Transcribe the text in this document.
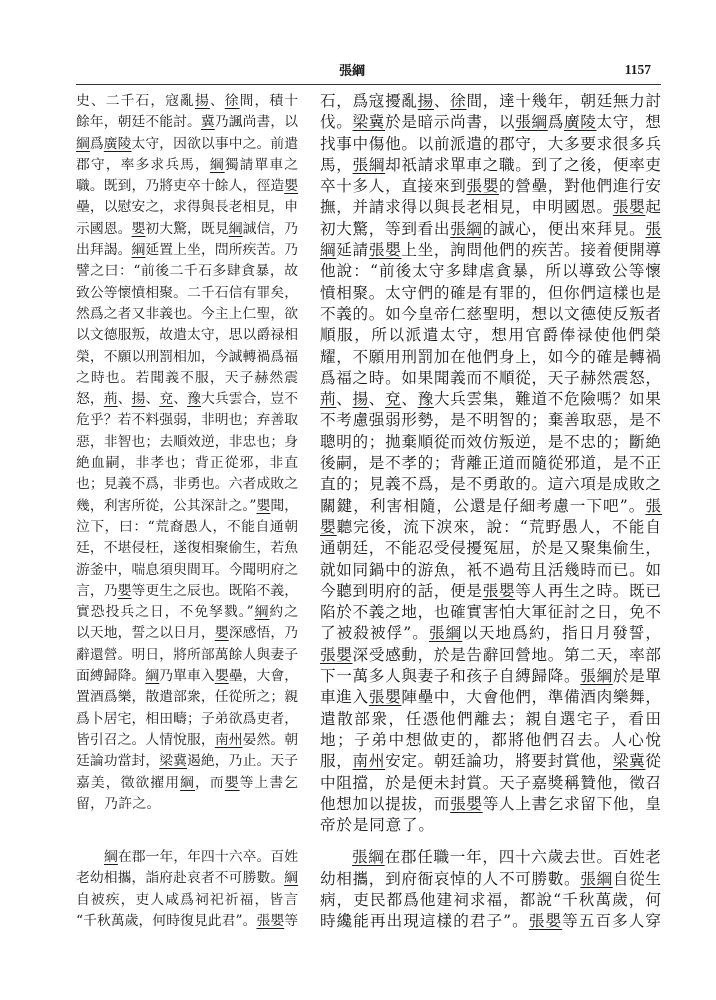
張綱	1157
史、二千石，寇亂揚、徐間，積十
餘年，朝廷不能討。冀乃諷尚書，以
綱爲廣陵太守，因欲以事中之。前遣
郡守，率多求兵馬，綱獨請單車之
職。既到，乃將吏卒十餘人，徑造嬰
壘，以慰安之，求得與長老相見，申
示國恩。嬰初大驚，既見綱誠信，乃
出拜謁。綱延置上坐，問所疾苦。乃
譬之曰：“前後二千石多肆貪暴，故
致公等懷憤相聚。二千石信有罪矣，
然爲之者又非義也。今主上仁聖，欲
以文德服叛，故遣太守，思以爵禄相
榮，不願以刑罰相加，今誠轉禍爲福
之時也。若聞義不服，天子赫然震
怒，荊、揚、兗、豫大兵雲合，豈不
危乎？若不料强弱，非明也；弃善取
惡，非智也；去順效逆，非忠也；身
絶血嗣，非孝也；背正從邪，非直
也；見義不爲，非勇也。六者成敗之
幾，利害所從，公其深計之。”嬰聞，
泣下，曰：“荒裔愚人，不能自通朝
廷，不堪侵枉，遂復相聚偷生，若魚
游釜中，喘息須臾間耳。今聞明府之
言，乃嬰等更生之辰也。既陷不義，
實恐投兵之日，不免孥戮。”綱約之
以天地，誓之以日月，嬰深感悟，乃
辭還營。明日，將所部萬餘人與妻子
面縛歸降。綱乃單車入嬰壘，大會，
置酒爲樂，散遣部衆，任從所之；親
爲卜居宅，相田疇；子弟欲爲吏者，
皆引召之。人情悅服，南州晏然。朝
廷論功當封，梁冀遏絶，乃止。天子
嘉美，徵欲擢用綱，而嬰等上書乞
留，乃許之。
綱在郡一年，年四十六卒。百姓
老幼相攜，詣府赴哀者不可勝數。綱
自被疾，吏人咸爲祠祀祈福，皆言
“千秋萬歲，何時復見此君”。張嬰等
石，爲寇擾亂揚、徐間，達十幾年，朝廷無力討
伐。梁冀於是暗示尚書，以張綱爲廣陵太守，想
找事中傷他。以前派遣的郡守，大多要求很多兵
馬，張綱却祇請求單車之職。到了之後，便率吏
卒十多人，直接來到張嬰的營壘，對他們進行安
撫，并請求得以與長老相見，申明國恩。張嬰起
初大驚，等到看出張綱的誠心，便出來拜見。張
綱延請張嬰上坐，詢問他們的疾苦。接着便開導
他說：“前後太守多肆虐貪暴，所以導致公等懷
憤相聚。太守們的確是有罪的，但你們這樣也是
不義的。如今皇帝仁慈聖明，想以文德使反叛者
順服，所以派遣太守，想用官爵俸禄使他們榮
耀，不願用刑罰加在他們身上，如今的確是轉禍
爲福之時。如果聞義而不順從，天子赫然震怒，
荊、揚、兗、豫大兵雲集，難道不危險嗎？如果
不考慮强弱形勢，是不明智的；棄善取惡，是不
聰明的；拋棄順從而效仿叛逆，是不忠的；斷絶
後嗣，是不孝的；背離正道而隨從邪道，是不正
直的；見義不爲，是不勇敢的。這六項是成敗之
關鍵，利害相隨，公還是仔細考慮一下吧”。張
嬰聽完後，流下淚來，說：“荒野愚人，不能自
通朝廷，不能忍受侵擾冤屈，於是又聚集偷生，
就如同鍋中的游魚，衹不過苟且活幾時而已。如
今聽到明府的話，便是張嬰等人再生之時。既已
陷於不義之地，也確實害怕大軍征討之日，免不
了被殺被俘”。張綱以天地爲約，指日月發誓，
張嬰深受感動，於是告辭回營地。第二天，率部
下一萬多人與妻子和孩子自縛歸降。張綱於是單
車進入張嬰陣壘中，大會他們，準備酒肉樂舞，
遣散部衆，任憑他們離去；親自選宅子，看田
地；子弟中想做吏的，都將他們召去。人心悅
服，南州安定。朝廷論功，將要封賞他，梁冀從
中阻擋，於是便未封賞。天子嘉獎稱贊他，徵召
他想加以提拔，而張嬰等人上書乞求留下他，皇
帝於是同意了。
張綱在郡任職一年，四十六歲去世。百姓老
幼相攜，到府衙哀悼的人不可勝數。張綱自從生
病，吏民都爲他建祠求福，都說“千秋萬歲，何
時纔能再出現這樣的君子”。張嬰等五百多人穿
